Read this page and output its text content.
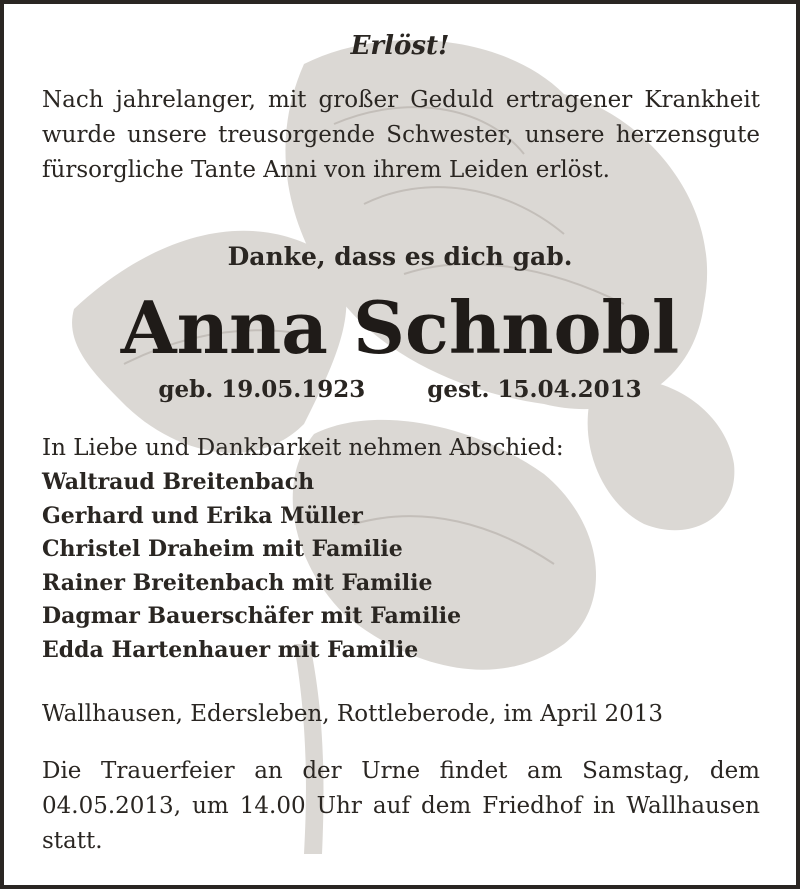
Erlöst!
Nach jahrelanger, mit großer Geduld ertragener Krankheit wurde unsere treusorgende Schwester, unsere herzensgute fürsorgliche Tante Anni von ihrem Leiden erlöst.
Danke, dass es dich gab.
Anna Schnobl
geb. 19.05.1923	gest. 15.04.2013
In Liebe und Dankbarkeit nehmen Abschied:
Waltraud Breitenbach
Gerhard und Erika Müller
Christel Draheim mit Familie
Rainer Breitenbach mit Familie
Dagmar Bauerschäfer mit Familie
Edda Hartenhauer mit Familie
Wallhausen, Edersleben, Rottleberode, im April 2013
Die Trauerfeier an der Urne findet am Samstag, dem 04.05.2013, um 14.00 Uhr auf dem Friedhof in Wallhausen statt.
